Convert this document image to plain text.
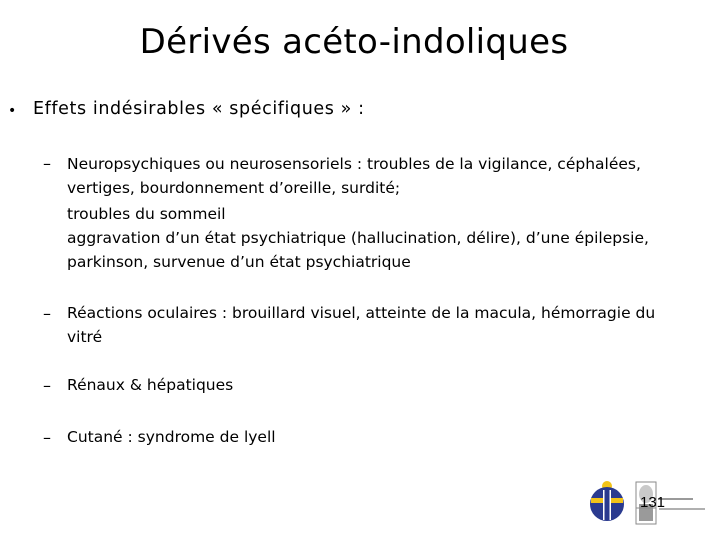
Dérivés acéto-indoliques
• Effets indésirables « spécifiques » :
– Neuropsychiques ou neurosensoriels : troubles de la vigilance, céphalées,
vertiges, bourdonnement d’oreille, surdité;
troubles du sommeil
aggravation d’un état psychiatrique (hallucination, délire), d’une épilepsie,
parkinson, survenue d’un état psychiatrique
– Réactions oculaires : brouillard visuel, atteinte de la macula, hémorragie du
vitré
– Rénaux & hépatiques
– Cutané : syndrome de lyell
131
